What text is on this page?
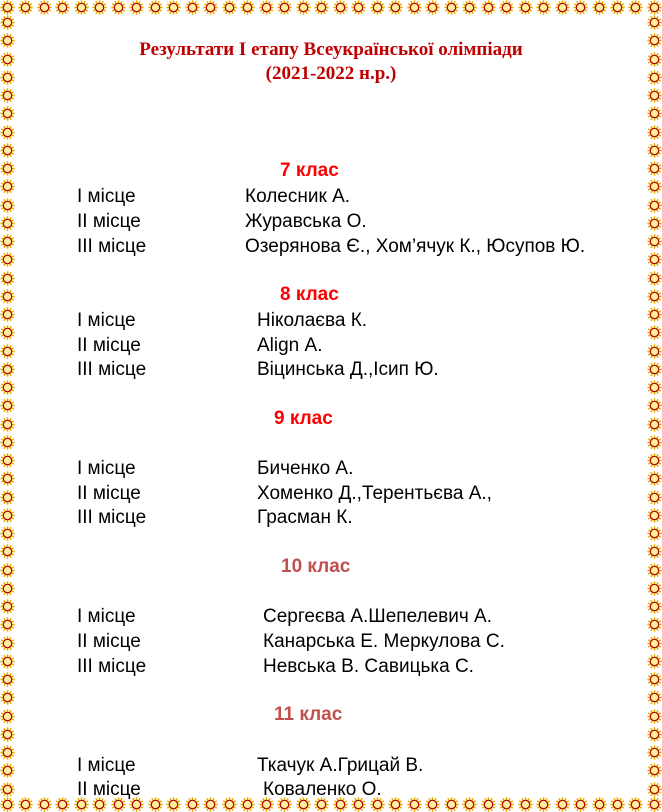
Результати І етапу Всеукраїнської олімпіади
(2021-2022 н.р.)
7 клас
І місце	Колесник А.
ІІ місце	Журавська О.
ІІІ місце	Озерянова Є., Хом’ячук К., Юсупов Ю.
8 клас
І місце	Ніколаєва К.
ІІ місце	Align А.
ІІІ місце	Віцинська Д.,Ісип Ю.
9 клас
І місце	Биченко А.
ІІ місце	Хоменко Д.,Терентьєва А.,
ІІІ місце	Грасман К.
10 клас
І місце	Сергеєва А.Шепелевич А.
ІІ місце	Канарська Е. Меркулова С.
ІІІ місце	Невська В. Савицька С.
11 клас
І місце	Ткачук А.Грицай В.
ІІ місце	Коваленко О.
